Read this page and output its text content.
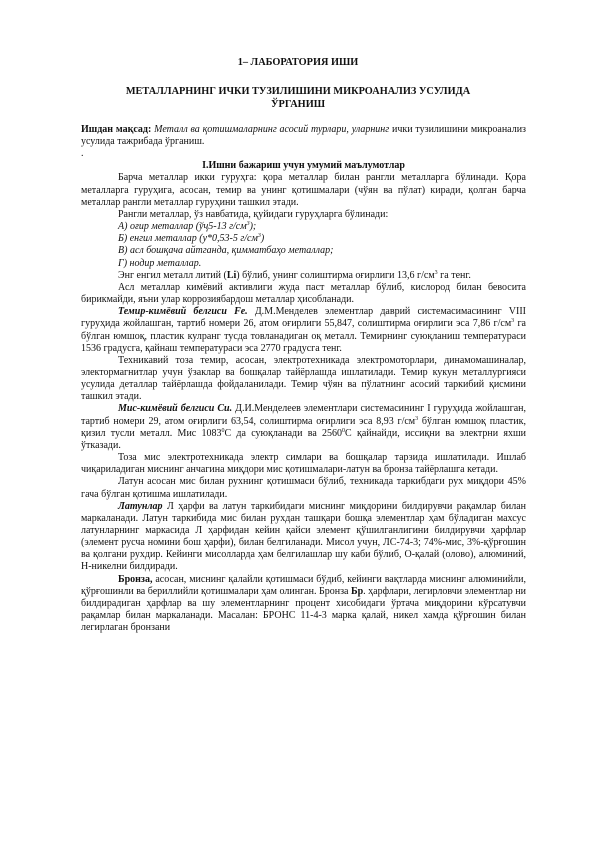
1– ЛАБОРАТОРИЯ ИШИ
МЕТАЛЛАРНИНГ ИЧКИ ТУЗИЛИШИНИ МИКРОАНАЛИЗ УСУЛИДА ЎРГАНИШ

Ишдан мақсад: Металл ва қотишмаларнинг асосий турлари, уларнинг ички тузилишини микроанализ усулида тажрибада ўрганиш.

.

I.Ишни бажариш учун умумий маълумотлар

Барча металлар икки гуруҳга: қора металлар билан рангли металларга бўлинади. Қора металларга гуруҳига, асосан, темир ва унинг қотишмалари (чўян ва пўлат) киради, қолган барча металлар рангли металлар гуруҳини ташкил этади.

Рангли металлар, ўз навбатида, қуйидаги гуруҳларга бўлинади:

А) оғир металлар (ўҷ5-13 $г/см^3$);

Б) енгил металлар (у*0,53-5 $г/см^3$)

В) асл бошқача айтганда, қимматбаҳо металлар;

Г) нодир металлар.

Энг енгил металл литий (Li) бўлиб, унинг солиштирма оғирлиги 13,6 $г/см^3$ га тенг.

Асл металлар кимёвий активлиги жуда паст металлар бўлиб, кислород билан бевосита бирикмайди, яъни улар коррозиябардош металлар ҳисобланади.

Темир-кимёвий белгиси Fe. Д.М.Менделев элементлар даврий системасимасининг VIII гуруҳида жойлашган, тартиб номери 26, атом оғирлиги 55,847, солиштирма оғирлиги эса 7,86 $г/см^3$ га бўлган юмшоқ, пластик кулранг тусда товланадиган оқ металл. Темирнинг суюқланиш температураси 1536 градусга, қайнаш температураси эса 2770 градусга тенг.

Техникавий тоза темир, асосан, электротехникада электромоторлари, динамомашиналар, электормагнитлар учун ўзаклар ва бошқалар тайёрлашда ишлатилади. Темир кукун металлургияси усулида деталлар тайёрлашда фойдаланилади. Темир чўян ва пўлатнинг асосий таркибий қисмини ташкил этади.

Мис-кимёвий белгиси Cu. Д.И.Менделеев элементлари системасининг I гуруҳида жойлашган, тартиб номери 29, атом оғирлиги 63,54, солиштирма оғирлиги эса 8,93 $г/см^3$ бўлган юмшоқ пластик, қизил тусли металл. Мис 1083$^0$С да суюқланади ва 2560$^0$С қайнайди, иссиқни ва электрни яхши ўтказади.

Тоза мис электротехникада электр симлари ва бошқалар тарзида ишлатилади. Ишлаб чиқариладиган миснинг анчагина миқдори мис қотишмалари-латун ва бронза тайёрлашга кетади.

Латун асосан мис билан рухнинг қотишмаси бўлиб, техникада таркибдаги рух миқдори 45% гача бўлган қотишма ишлатилади.

Латунлар Л ҳарфи ва латун таркибидаги миснинг миқдорини билдирувчи рақамлар билан маркаланади. Латун таркибида мис билан рухдан ташқари бошқа элементлар ҳам бўладиган махсус латунларнинг маркасида Л ҳарфидан кейин қайси элемент қўшилганлигини билдирувчи ҳарфлар (элемент русча номини бош ҳарфи), билан белгиланади. Мисол учун, ЛС-74-3; 74%-мис, 3%-қўрғошин ва қолгани рухдир. Кейинги мисолларда ҳам белгилашлар шу каби бўлиб, О-қалай (олово), алюминий, Н-никелни билдиради.

Бронза, асосан, миснинг қалайли қотишмаси бўдиб, кейинги вақтларда миснинг алюминийли, қўрғошинли ва бериллийли қотишмалари ҳам олинган. Бронза Бр. ҳарфлари, легирловчи элементлар ни билдирадиган ҳарфлар ва шу элементларнинг процент хисобидаги ўртача миқдорини кўрсатувчи рақамлар билан маркаланади. Масалан: БРОНС 11-4-3 марка қалай, никел хамда қўрғошин билан легирлаган бронзани
